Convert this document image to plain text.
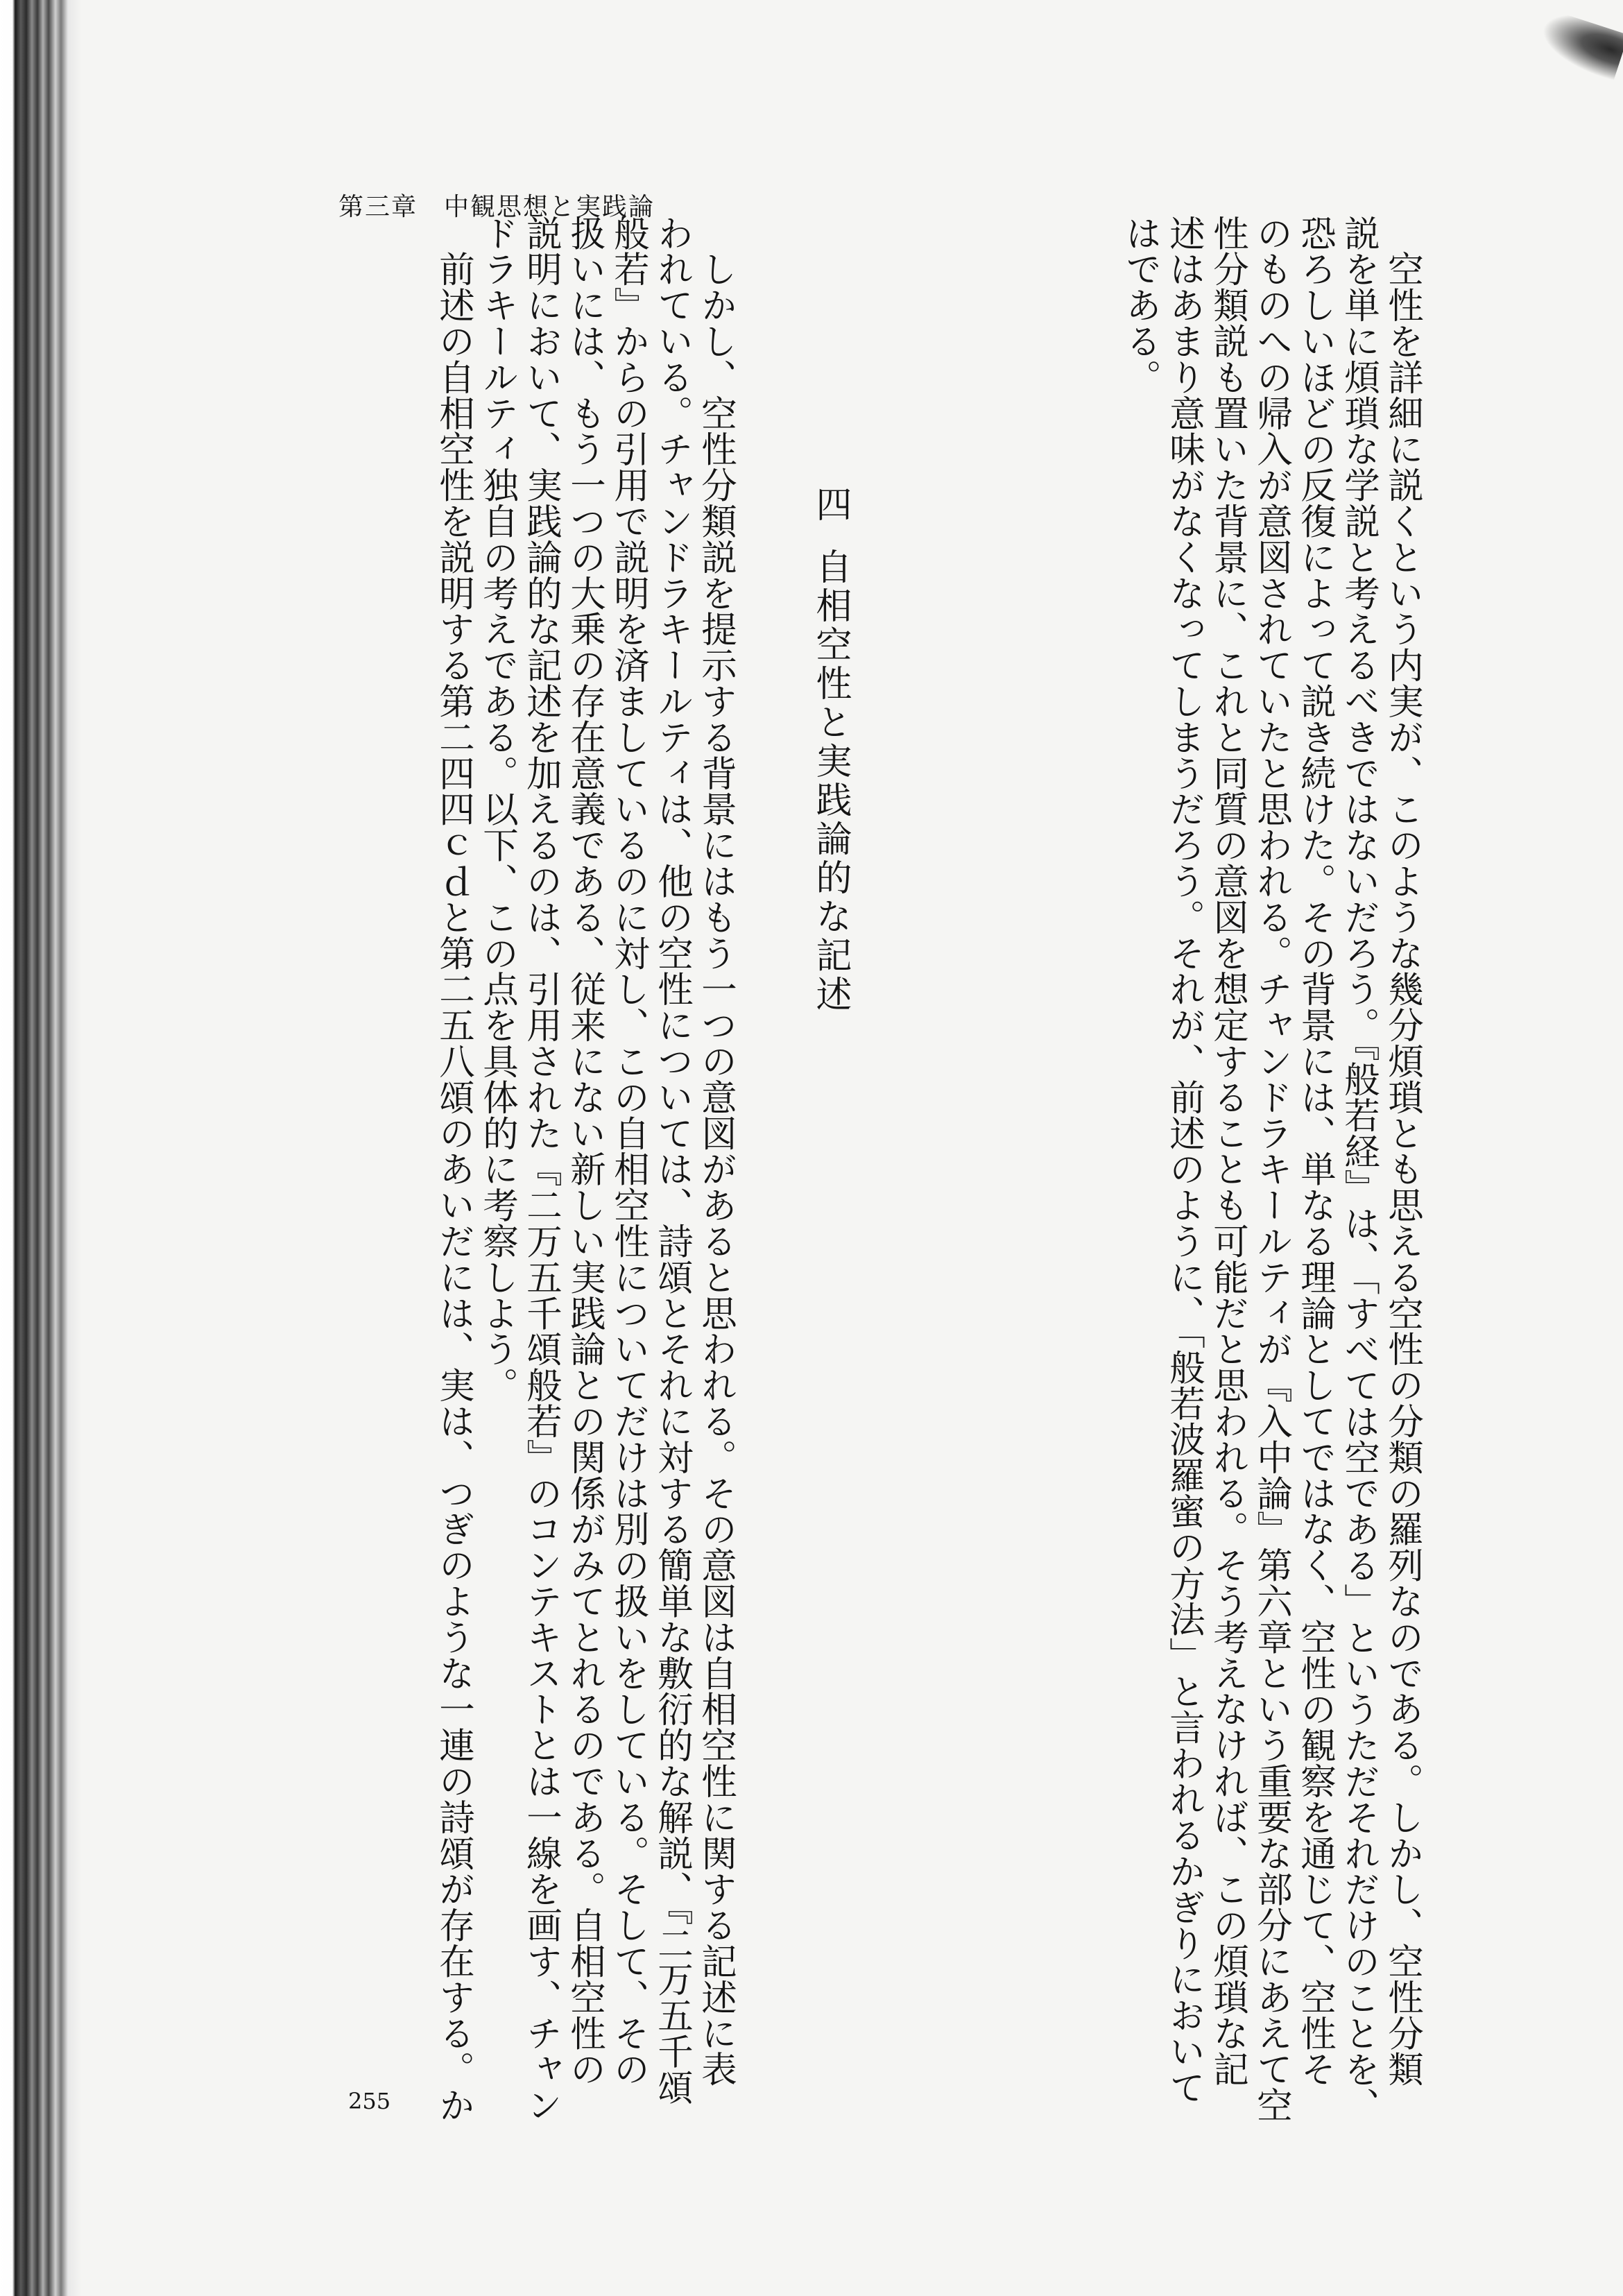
第三章　中観思想と実践論
四自相空性と実践論的な記述	　空性を詳細に説くという内実が、このような幾分煩瑣とも思える空性の分類の羅列なのである。しかし、空性分類
説を単に煩瑣な学説と考えるべきではないだろう。『般若経』は、「すべては空である」というただそれだけのことを、
恐ろしいほどの反復によって説き続けた。その背景には、単なる理論としてではなく、空性の観察を通じて、空性そ
のものへの帰入が意図されていたと思われる。チャンドラキールティが『入中論』第六章という重要な部分にあえて空
性分類説も置いた背景に、これと同質の意図を想定することも可能だと思われる。そう考えなければ、この煩瑣な記
述はあまり意味がなくなってしまうだろう。それが、前述のように、「般若波羅蜜の方法」と言われるかぎりにおいて
はである。
　しかし、空性分類説を提示する背景にはもう一つの意図があると思われる。その意図は自相空性に関する記述に表
われている。チャンドラキールティは、他の空性については、詩頌とそれに対する簡単な敷衍的な解説、『二万五千頌
般若』からの引用で説明を済ましているのに対し、この自相空性についてだけは別の扱いをしている。そして、その
扱いには、もう一つの大乗の存在意義である、従来にない新しい実践論との関係がみてとれるのである。自相空性の
説明において、実践論的な記述を加えるのは、引用された『二万五千頌般若』のコンテキストとは一線を画す、チャン
ドラキールティ独自の考えである。以下、この点を具体的に考察しよう。
　前述の自相空性を説明する第二四四ｃｄと第二五八頌のあいだには、実は、つぎのような一連の詩頌が存在する。か
255
